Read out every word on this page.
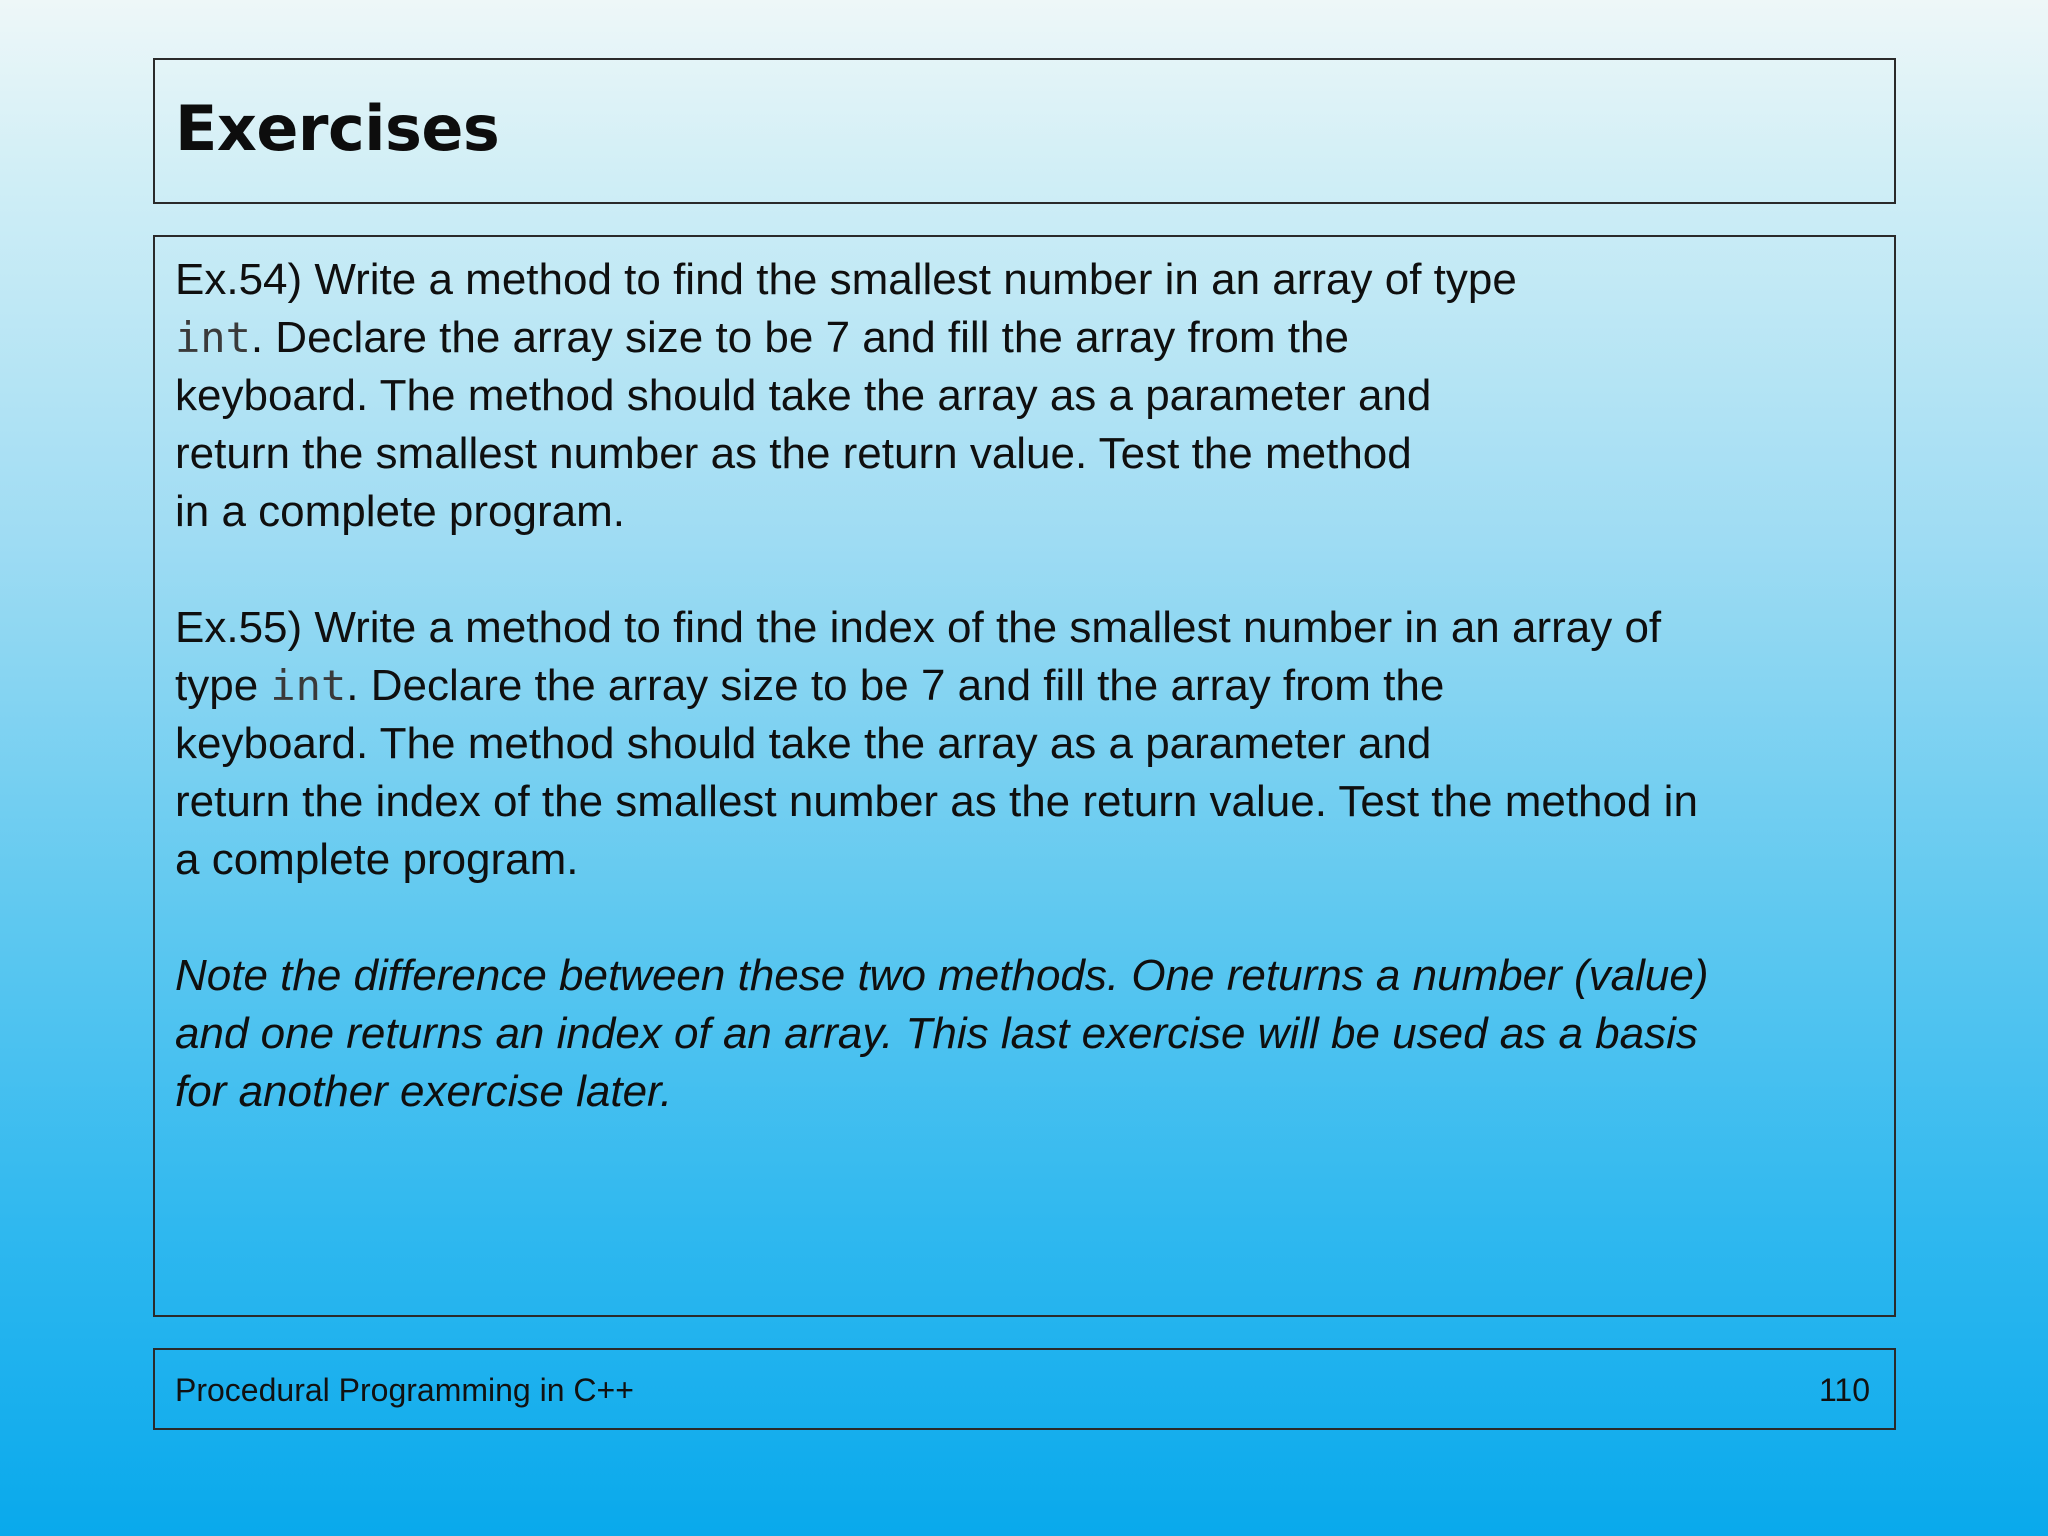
Exercises

Ex.54) Write a method to find the smallest number in an array of type
int. Declare the array size to be 7 and fill the array from the
keyboard. The method should take the array as a parameter and
return the smallest number as the return value. Test the method
in a complete program.

Ex.55) Write a method to find the index of the smallest number in an array of
type int. Declare the array size to be 7 and fill the array from the
keyboard. The method should take the array as a parameter and
return the index of the smallest number as the return value. Test the method in
a complete program.

Note the difference between these two methods. One returns a number (value)
and one returns an index of an array. This last exercise will be used as a basis
for another exercise later.

Procedural Programming in C++	110
